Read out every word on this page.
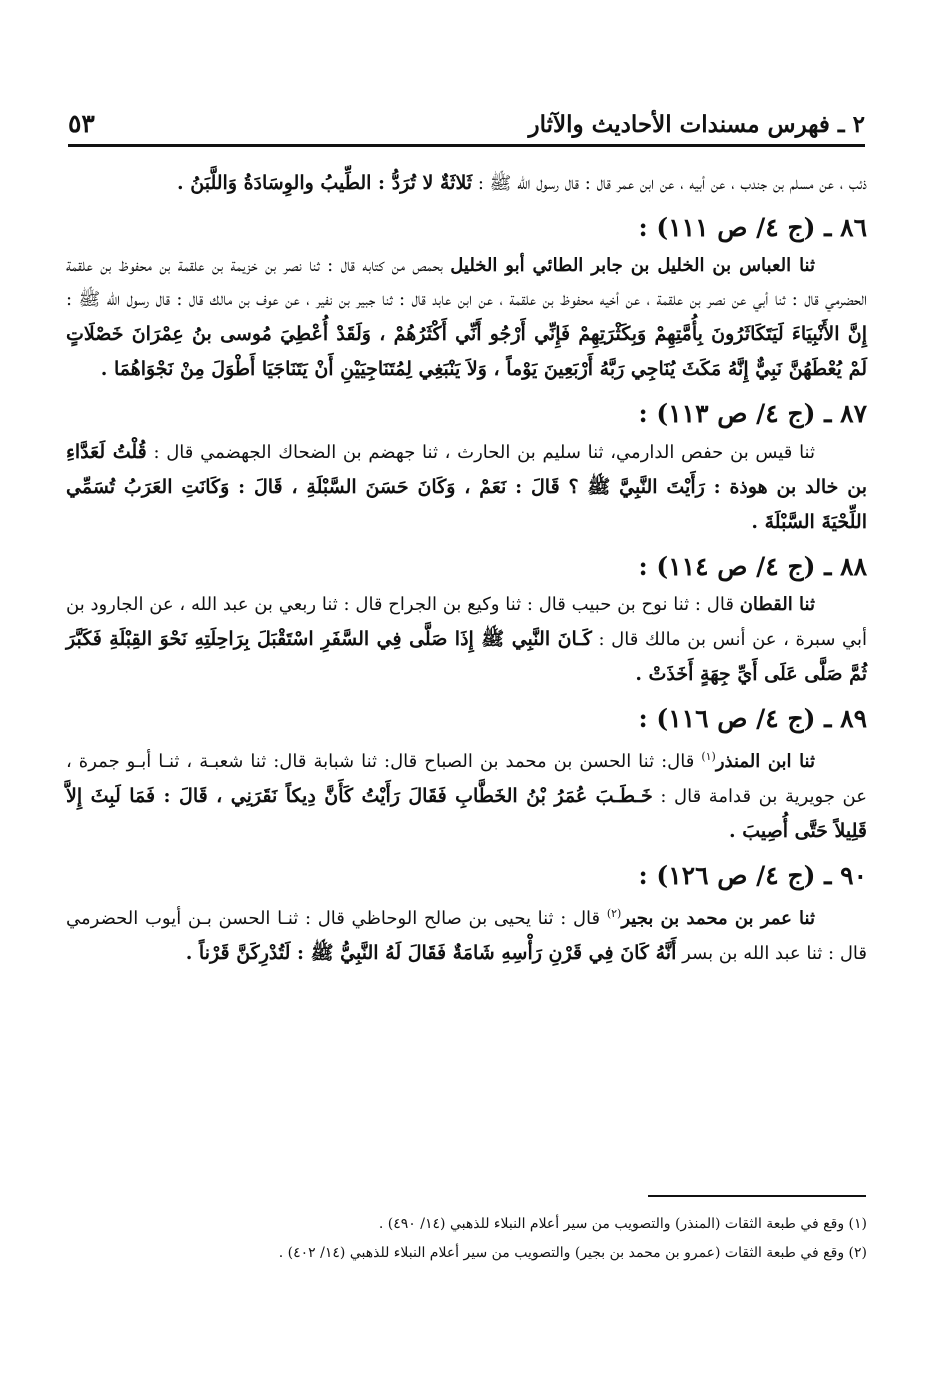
٢ ـ فهرس مسندات الأحاديث والآثار
٥٣

ذئب ، عن مسلم بن جندب ، عن أبيه ، عن ابن عمر قال : قال رسول الله ﷺ : ثَلاثَةٌ لا تُرَدُّ : الطِّيبُ والوِسَادَةُ وَاللَّبَنُ .

٨٦ ـ (ج ٤/ ص ١١١) :

ثنا العباس بن الخليل بن جابر الطائي أبو الخليل بحمص من كتابه قال : ثنا نصر بن خزيمة بن علقمة بن محفوظ بن علقمة الحضرمي قال : ثنا أبي عن نصر بن علقمة ، عن أخيه محفوظ بن علقمة ، عن ابن عابد قال : ثنا جبير بن نفير ، عن عوف بن مالك قال : قال رسول الله ﷺ : إِنَّ الأَنْبِيَاءَ لَيَتَكَاثَرُونَ بِأُمَّتِهِمْ وَبِكَثْرَتِهِمْ فَإِنِّي أَرْجُو أَنِّي أَكْثَرُهُمْ ، وَلَقَدْ أُعْطِيَ مُوسى بنُ عِمْرَانَ خَصْلَاتٍ لَمْ يُعْطَهُنَّ نَبِيٌّ إِنَّهُ مَكَثَ يُنَاجِي رَبَّهُ أَرْبَعِينَ يَوْماً ، وَلاَ يَنْبَغِي لِمُتَنَاجِيَيْنِ أَنْ يَتَنَاجَيَا أَطْوَلَ مِنْ نَجْوَاهُمَا .

٨٧ ـ (ج ٤/ ص ١١٣) :

ثنا قيس بن حفص الدارمي، ثنا سليم بن الحارث ، ثنا جهضم بن الضحاك الجهضمي قال : قُلْتُ لَعَدَّاءِ بن خالد بن هوذة : رَأَيْتَ النَّبِيَّ ﷺ ؟ قَالَ : نَعَمْ ، وَكَانَ حَسَنَ السَّبْلَةِ ، قَالَ : وَكَانَتِ العَرَبُ تُسَمِّي اللِّحْيَةَ السَّبْلَةَ .

٨٨ ـ (ج ٤/ ص ١١٤) :

ثنا القطان قال : ثنا نوح بن حبيب قال : ثنا وكيع بن الجراح قال : ثنا ربعي بن عبد الله ، عن الجارود بن أبي سبرة ، عن أنس بن مالك قال : كَـانَ النَّبِي ﷺ إِذَا صَلَّى فِي السَّفَرِ اسْتَقْبَلَ بِرَاحِلَتِهِ نَحْوَ القِبْلَةِ فَكَبَّرَ ثُمَّ صَلَّى عَلَى أَيِّ جِهَةٍ أَخَذَتْ .

٨٩ ـ (ج ٤/ ص ١١٦) :

ثنا ابن المنذر$^{(١)}$ قال: ثنا الحسن بن محمد بن الصباح قال: ثنا شبابة قال: ثنا شعبـة ، ثنـا أبـو جمرة ، عن جويرية بن قدامة قال : خَـطَـبَ عُمَرُ بْنُ الخَطَّابِ فَقَالَ رَأَيْتُ كَأَنَّ دِيكاً نَقَرَنِي ، قَالَ : فَمَا لَبِثَ إِلاَّ قَلِيلاً حَتَّى أُصِيبَ .

٩٠ ـ (ج ٤/ ص ١٢٦) :

ثنا عمر بن محمد بن بجير$^{(٢)}$ قال : ثنا يحيى بن صالح الوحاظي قال : ثنـا الحسن بـن أيوب الحضرمي قال : ثنا عبد الله بن بسر أَنَّهُ كَانَ فِي قَرْنِ رَأْسِهِ شَامَةٌ فَقَالَ لَهُ النَّبِيُّ ﷺ : لَتُدْرِكَنَّ قَرْناً .

(١) وقع في طبعة الثقات (المنذر) والتصويب من سير أعلام النبلاء للذهبي (١٤/ ٤٩٠) .

(٢) وقع في طبعة الثقات (عمرو بن محمد بن بجير) والتصويب من سير أعلام النبلاء للذهبي (١٤/ ٤٠٢) .
